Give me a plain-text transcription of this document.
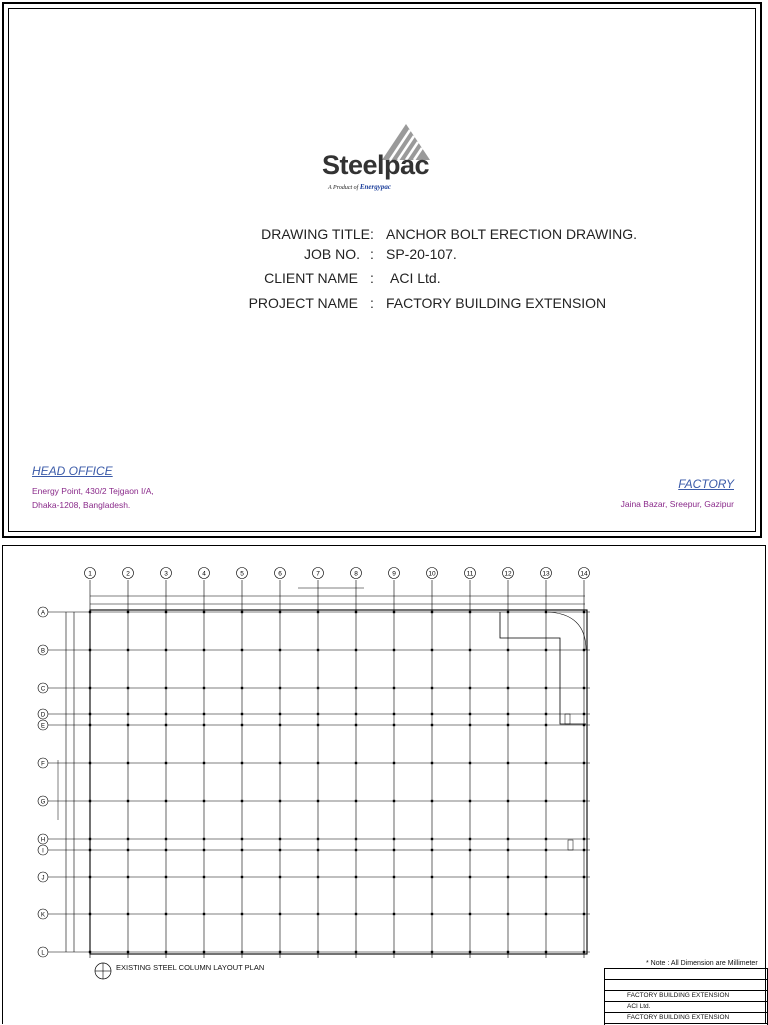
Steelpac
A Product of Energypac
DRAWING TITLE : ANCHOR BOLT ERECTION DRAWING.
JOB NO. : SP-20-107.
CLIENT NAME : ACI Ltd.
PROJECT NAME : FACTORY BUILDING EXTENSION
HEAD OFFICE
Energy Point, 430/2 Tejgaon I/A,
Dhaka-1208, Bangladesh.
FACTORY
Jaina Bazar, Sreepur, Gazipur
1	2	3	4	5	6	7	8	9	10	11	12	13	14
A
B
C
D
E
F
G
H
I
J
K
L
* Note : All Dimension are Millimeter
EXISTING STEEL COLUMN LAYOUT PLAN
FACTORY BUILDING EXTENSION
ACI Ltd.
FACTORY BUILDING EXTENSION
